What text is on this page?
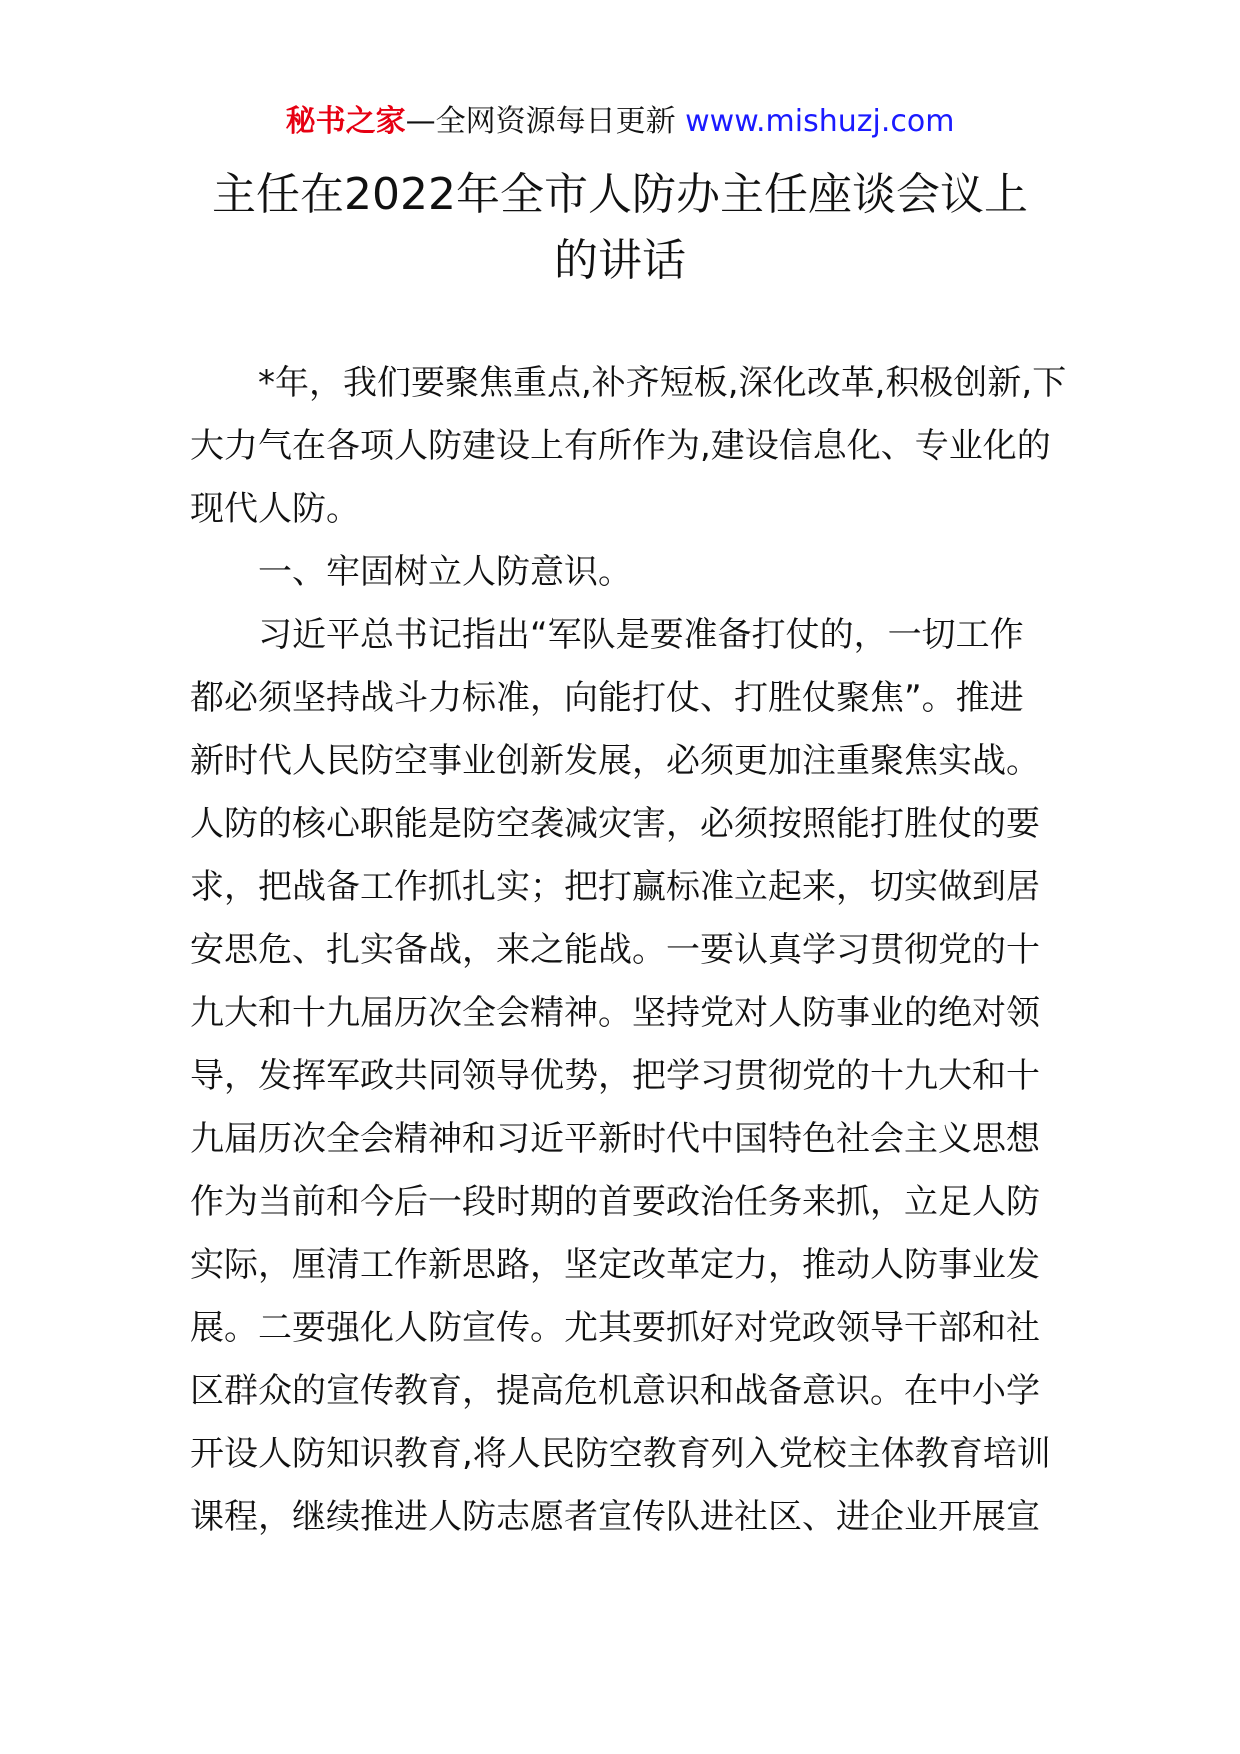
秘书之家—全网资源每日更新 www.mishuzj.com
主任在2022年全市人防办主任座谈会议上
的讲话
*年，我们要聚焦重点,补齐短板,深化改革,积极创新,下
大力气在各项人防建设上有所作为,建设信息化、专业化的
现代人防。
一、牢固树立人防意识。
习近平总书记指出“军队是要准备打仗的，一切工作
都必须坚持战斗力标准，向能打仗、打胜仗聚焦”。推进
新时代人民防空事业创新发展，必须更加注重聚焦实战。
人防的核心职能是防空袭减灾害，必须按照能打胜仗的要
求，把战备工作抓扎实；把打赢标准立起来，切实做到居
安思危、扎实备战，来之能战。一要认真学习贯彻党的十
九大和十九届历次全会精神。坚持党对人防事业的绝对领
导，发挥军政共同领导优势，把学习贯彻党的十九大和十
九届历次全会精神和习近平新时代中国特色社会主义思想
作为当前和今后一段时期的首要政治任务来抓，立足人防
实际，厘清工作新思路，坚定改革定力，推动人防事业发
展。二要强化人防宣传。尤其要抓好对党政领导干部和社
区群众的宣传教育，提高危机意识和战备意识。在中小学
开设人防知识教育,将人民防空教育列入党校主体教育培训
课程，继续推进人防志愿者宣传队进社区、进企业开展宣
